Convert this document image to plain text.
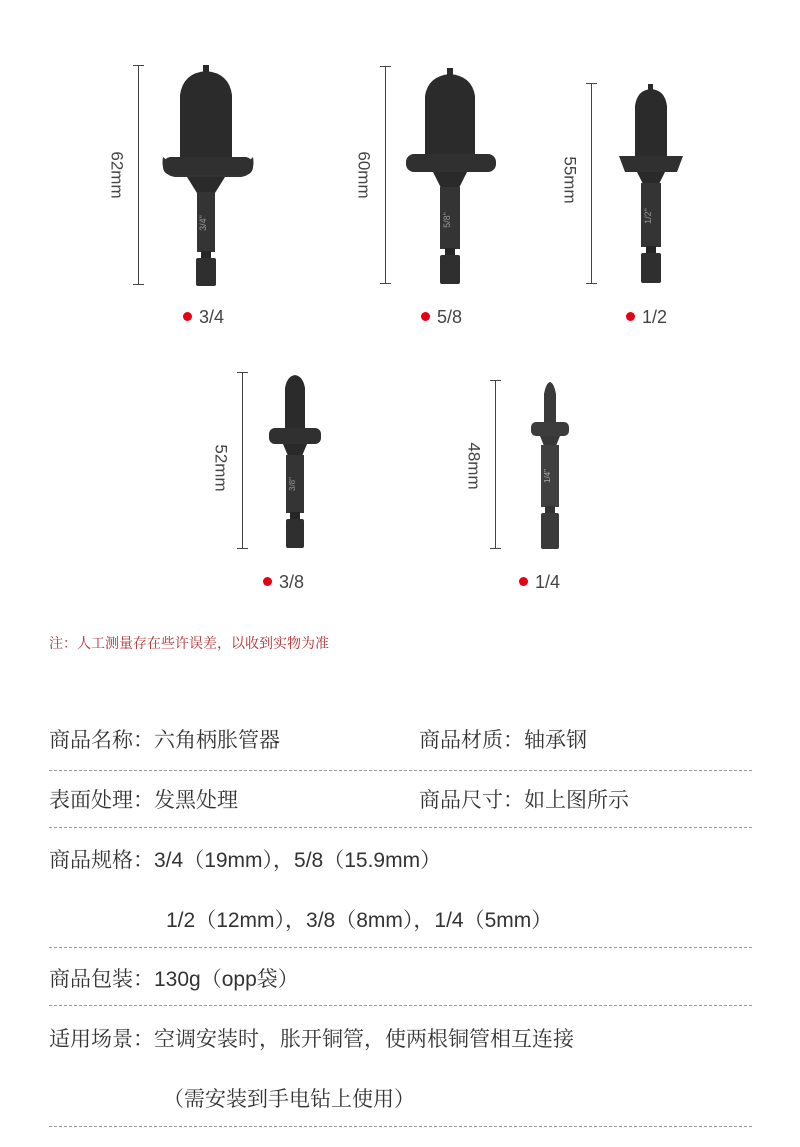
62mm
3/4"
3/4
60mm
5/8"
5/8
55mm
1/2"
1/2
52mm	3/8"
3/8
48mm	1/4"
1/4
注：人工测量存在些许误差，以收到实物为准
商品名称：六角柄胀管器	商品材质：轴承钢
表面处理：发黑处理	商品尺寸：如上图所示
商品规格：3/4（19mm），5/8（15.9mm）
1/2（12mm），3/8（8mm），1/4（5mm）
商品包装：130g（opp袋）
适用场景：空调安装时，胀开铜管，使两根铜管相互连接
（需安装到手电钻上使用）
